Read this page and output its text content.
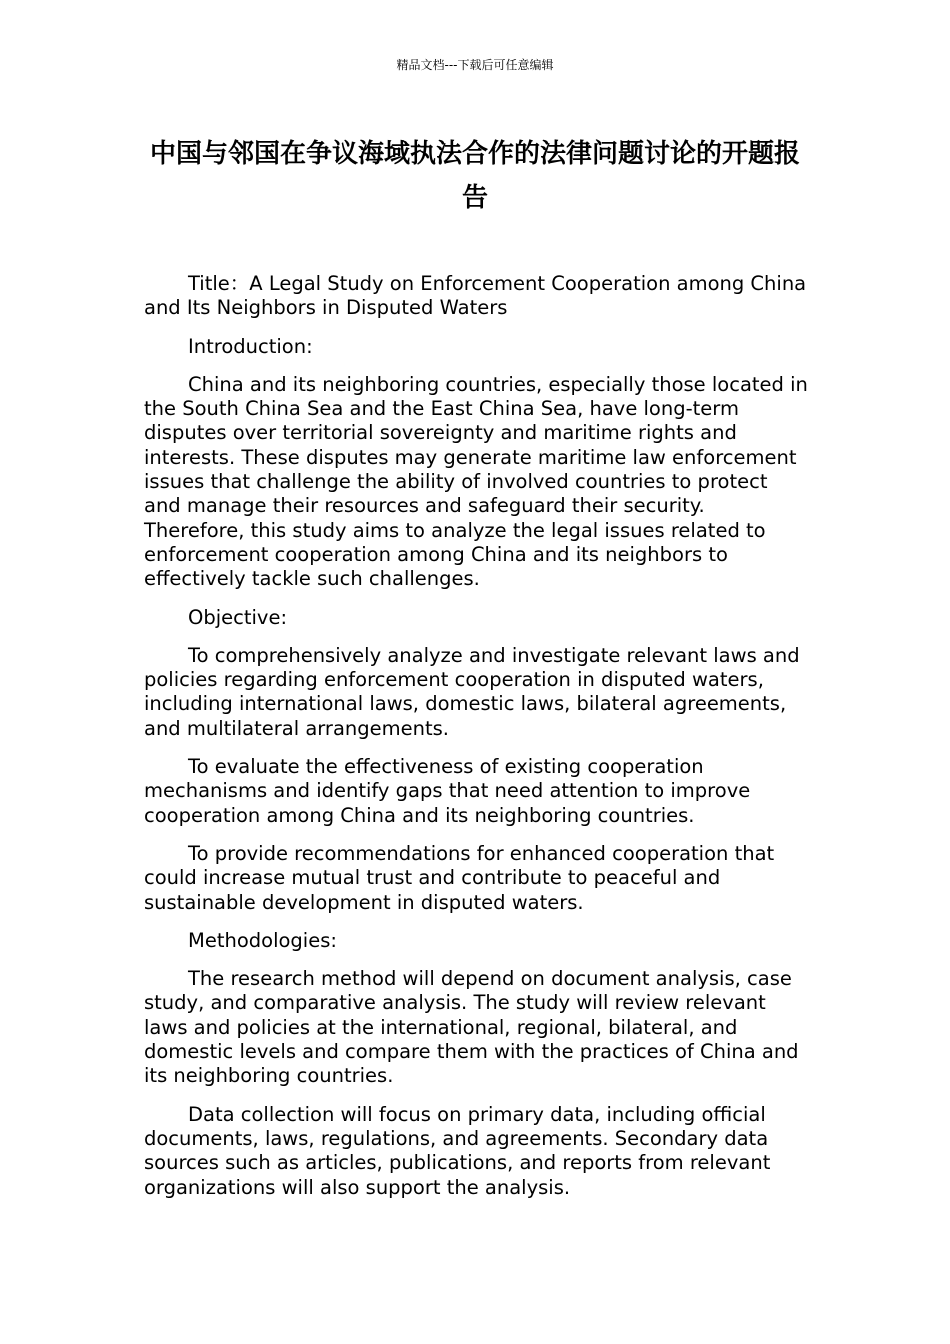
精品文档---下载后可任意编辑
中国与邻国在争议海域执法合作的法律问题讨论的开题报告

Title：A Legal Study on Enforcement Cooperation among China and Its Neighbors in Disputed Waters

Introduction:

China and its neighboring countries, especially those located in the South China Sea and the East China Sea, have long-term disputes over territorial sovereignty and maritime rights and interests. These disputes may generate maritime law enforcement issues that challenge the ability of involved countries to protect and manage their resources and safeguard their security. Therefore, this study aims to analyze the legal issues related to enforcement cooperation among China and its neighbors to effectively tackle such challenges.

Objective:

To comprehensively analyze and investigate relevant laws and policies regarding enforcement cooperation in disputed waters, including international laws, domestic laws, bilateral agreements, and multilateral arrangements.

To evaluate the effectiveness of existing cooperation mechanisms and identify gaps that need attention to improve cooperation among China and its neighboring countries.

To provide recommendations for enhanced cooperation that could increase mutual trust and contribute to peaceful and sustainable development in disputed waters.

Methodologies:

The research method will depend on document analysis, case study, and comparative analysis. The study will review relevant laws and policies at the international, regional, bilateral, and domestic levels and compare them with the practices of China and its neighboring countries.

Data collection will focus on primary data, including official documents, laws, regulations, and agreements. Secondary data sources such as articles, publications, and reports from relevant organizations will also support the analysis.
